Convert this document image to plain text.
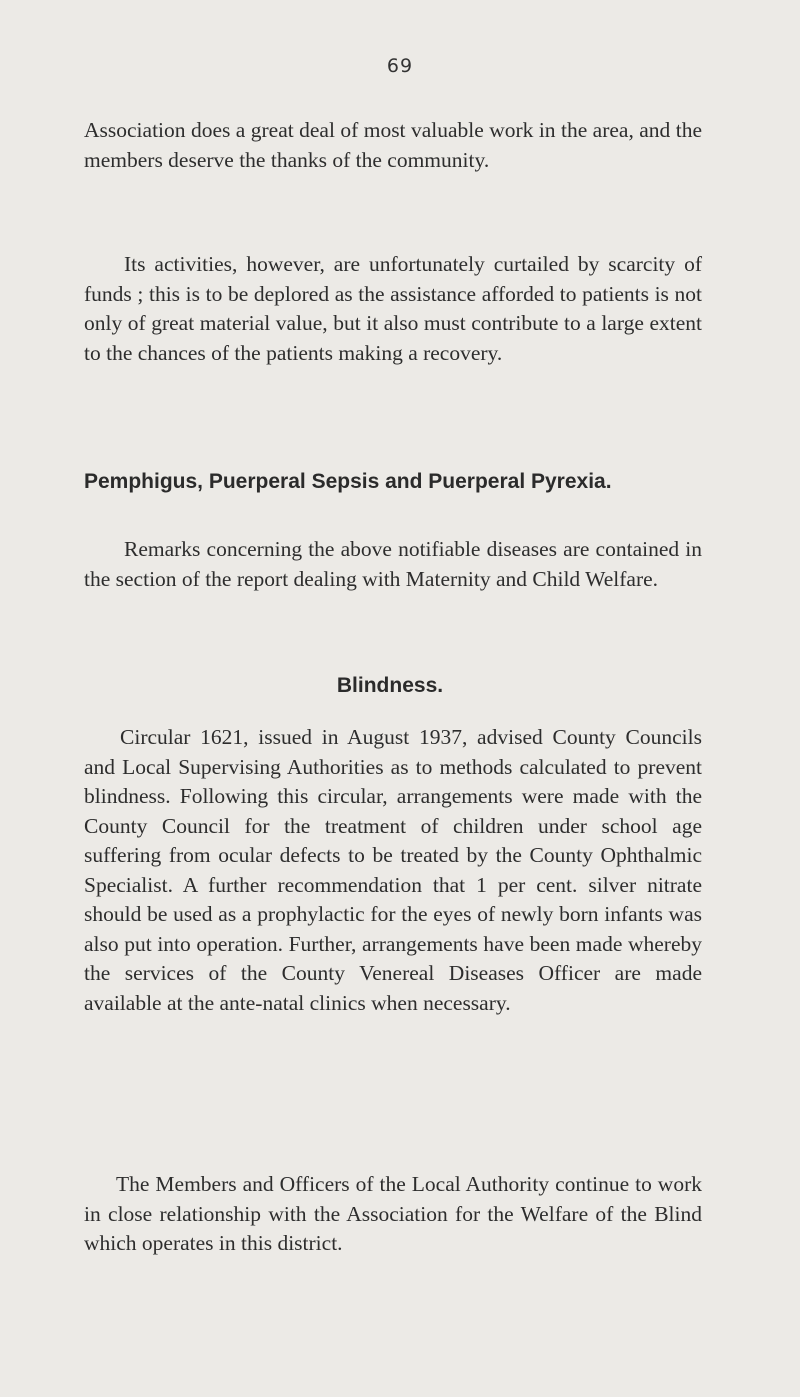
69

Association does a great deal of most valuable work in the area, and the members deserve the thanks of the community.

Its activities, however, are unfortunately curtailed by scarcity of funds ; this is to be deplored as the assistance afforded to patients is not only of great material value, but it also must contribute to a large extent to the chances of the patients making a recovery.

Pemphigus, Puerperal Sepsis and Puerperal Pyrexia.

Remarks concerning the above notifiable diseases are contained in the section of the report dealing with Maternity and Child Welfare.

Blindness.

Circular 1621, issued in August 1937, advised County Councils and Local Supervising Authorities as to methods calculated to prevent blindness. Following this circular, arrangements were made with the County Council for the treatment of children under school age suffering from ocular defects to be treated by the County Ophthalmic Specialist. A further recommendation that 1 per cent. silver nitrate should be used as a prophylactic for the eyes of newly born infants was also put into operation. Further, arrangements have been made whereby the services of the County Venereal Diseases Officer are made available at the ante-natal clinics when necessary.

The Members and Officers of the Local Authority continue to work in close relationship with the Association for the Welfare of the Blind which operates in this district.
